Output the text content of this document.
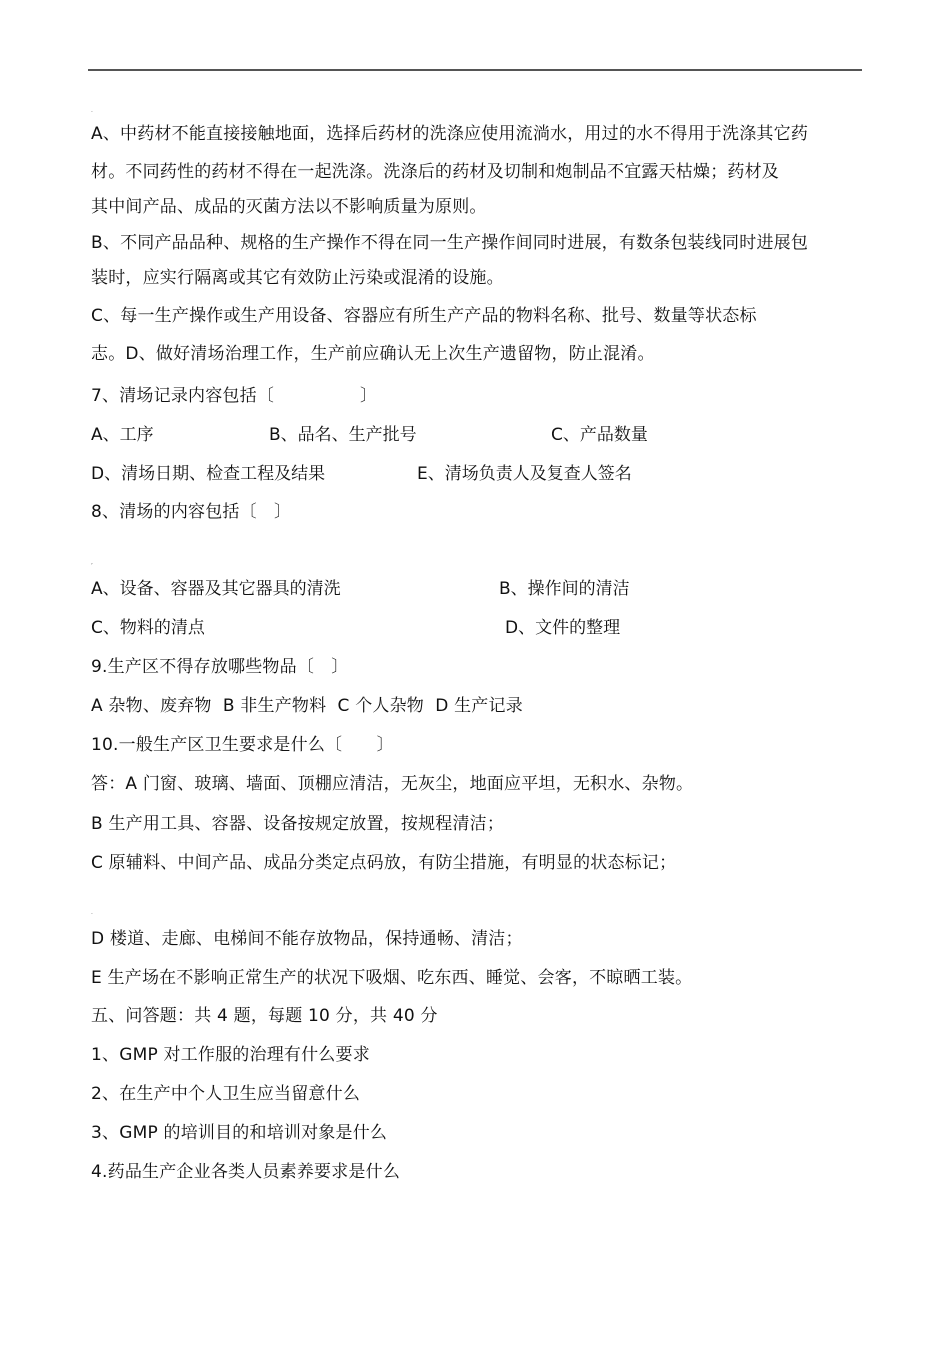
.
A、中药材不能直接接触地面，选择后药材的洗涤应使用流淌水，用过的水不得用于洗涤其它药
材。不同药性的药材不得在一起洗涤。洗涤后的药材及切制和炮制品不宜露天枯燥；药材及
其中间产品、成品的灭菌方法以不影响质量为原则。
B、不同产品品种、规格的生产操作不得在同一生产操作间同时进展，有数条包装线同时进展包
装时，应实行隔离或其它有效防止污染或混淆的设施。
C、每一生产操作或生产用设备、容器应有所生产产品的物料名称、批号、数量等状态标
志。D、做好清场治理工作，生产前应确认无上次生产遗留物，防止混淆。
7、清场记录内容包括〔　　　　　〕
A、工序	B、品名、生产批号	C、产品数量
D、清场日期、检查工程及结果	E、清场负责人及复查人签名
8、清场的内容包括〔　〕
,
A、设备、容器及其它器具的清洗	B、操作间的清洁
C、物料的清点	D、文件的整理
9.生产区不得存放哪些物品〔　〕
A 杂物、废弃物  B 非生产物料  C 个人杂物  D 生产记录
10.一般生产区卫生要求是什么〔　　〕
答：A 门窗、玻璃、墙面、顶棚应清洁，无灰尘，地面应平坦，无积水、杂物。
B 生产用工具、容器、设备按规定放置，按规程清洁；
C 原辅料、中间产品、成品分类定点码放，有防尘措施，有明显的状态标记；
.
D 楼道、走廊、电梯间不能存放物品，保持通畅、清洁；
E 生产场在不影响正常生产的状况下吸烟、吃东西、睡觉、会客，不晾晒工装。
五、问答题：共 4 题，每题 10 分，共 40 分
1、GMP 对工作服的治理有什么要求
2、在生产中个人卫生应当留意什么
3、GMP 的培训目的和培训对象是什么
4.药品生产企业各类人员素养要求是什么
